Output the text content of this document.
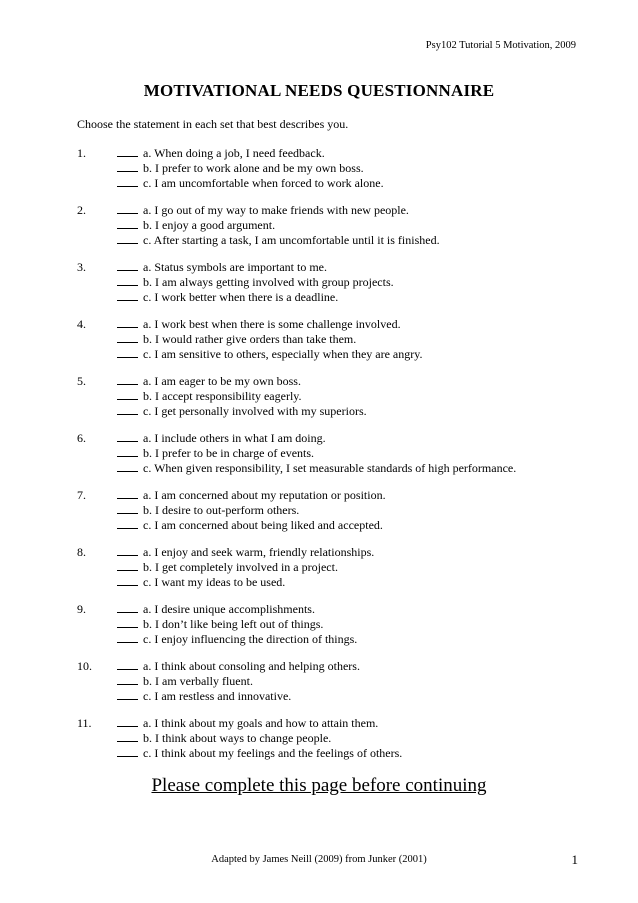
Psy102 Tutorial 5 Motivation, 2009
MOTIVATIONAL NEEDS QUESTIONNAIRE
Choose the statement in each set that best describes you.
1.	a. When doing a job, I need feedback.
b. I prefer to work alone and be my own boss.
c. I am uncomfortable when forced to work alone.
2.	a. I go out of my way to make friends with new people.
b. I enjoy a good argument.
c. After starting a task, I am uncomfortable until it is finished.
3.	a. Status symbols are important to me.
b. I am always getting involved with group projects.
c. I work better when there is a deadline.
4.	a. I work best when there is some challenge involved.
b. I would rather give orders than take them.
c. I am sensitive to others, especially when they are angry.
5.	a. I am eager to be my own boss.
b. I accept responsibility eagerly.
c. I get personally involved with my superiors.
6.	a. I include others in what I am doing.
b. I prefer to be in charge of events.
c. When given responsibility, I set measurable standards of high performance.
7.	a. I am concerned about my reputation or position.
b. I desire to out-perform others.
c. I am concerned about being liked and accepted.
8.	a. I enjoy and seek warm, friendly relationships.
b. I get completely involved in a project.
c. I want my ideas to be used.
9.	a. I desire unique accomplishments.
b. I don’t like being left out of things.
c. I enjoy influencing the direction of things.
10.	a. I think about consoling and helping others.
b. I am verbally fluent.
c. I am restless and innovative.
11.	a. I think about my goals and how to attain them.
b. I think about ways to change people.
c. I think about my feelings and the feelings of others.
Please complete this page before continuing
Adapted by James Neill (2009) from Junker (2001)	1
